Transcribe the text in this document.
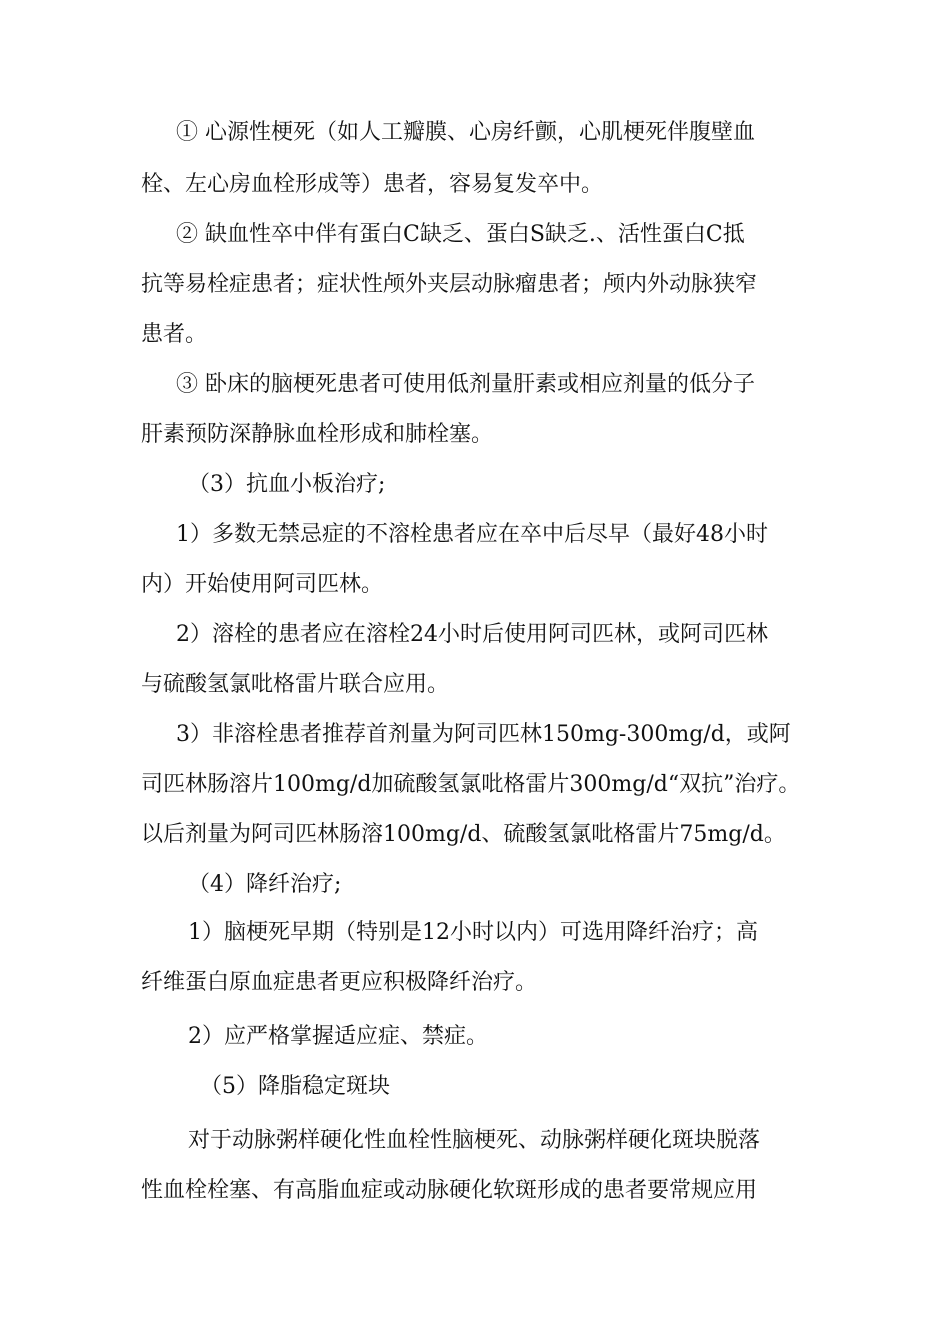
① 心源性梗死（如人工瓣膜、心房纤颤，心肌梗死伴腹壁血
栓、左心房血栓形成等）患者，容易复发卒中。
② 缺血性卒中伴有蛋白C缺乏、蛋白S缺乏.、活性蛋白C抵
抗等易栓症患者；症状性颅外夹层动脉瘤患者；颅内外动脉狭窄
患者。
③ 卧床的脑梗死患者可使用低剂量肝素或相应剂量的低分子
肝素预防深静脉血栓形成和肺栓塞。
（3）抗血小板治疗;
1）多数无禁忌症的不溶栓患者应在卒中后尽早（最好48小时
内）开始使用阿司匹林。
2）溶栓的患者应在溶栓24小时后使用阿司匹林，或阿司匹林
与硫酸氢氯吡格雷片联合应用。
3）非溶栓患者推荐首剂量为阿司匹林150mg-300mg/d，或阿
司匹林肠溶片100mg/d加硫酸氢氯吡格雷片300mg/d“双抗”治疗。
以后剂量为阿司匹林肠溶100mg/d、硫酸氢氯吡格雷片75mg/d。
（4）降纤治疗;
1）脑梗死早期（特别是12小时以内）可选用降纤治疗；高
纤维蛋白原血症患者更应积极降纤治疗。
2）应严格掌握适应症、禁症。
（5）降脂稳定斑块
对于动脉粥样硬化性血栓性脑梗死、动脉粥样硬化斑块脱落
性血栓栓塞、有高脂血症或动脉硬化软斑形成的患者要常规应用
